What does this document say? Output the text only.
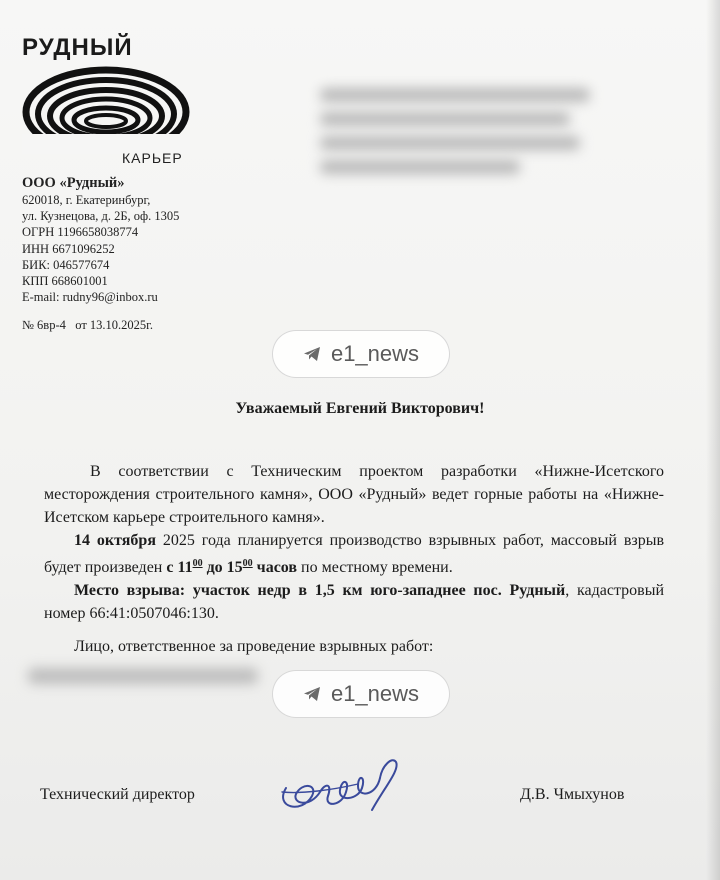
РУДНЫЙ
КАРЬЕР
ООО «Рудный»
620018, г. Екатеринбург,
ул. Кузнецова, д. 2Б, оф. 1305
ОГРН 1196658038774
ИНН 6671096252
БИК: 046577674
КПП 668601001
E-mail: rudny96@inbox.ru
№ 6вр-4 от 13.10.2025г.
e1_news
Уважаемый Евгений Викторович!

В соответствии с Техническим проектом разработки «Нижне-Исетского месторождения строительного камня», ООО «Рудный» ведет горные работы на «Нижне-Исетском карьере строительного камня».

14 октября 2025 года планируется производство взрывных работ, массовый взрыв будет произведен с $11^{00}$ до $15^{00}$ часов по местному времени.

Место взрыва: участок недр в 1,5 км юго-западнее пос. Рудный, кадастровый номер 66:41:0507046:130.

Лицо, ответственное за проведение взрывных работ:
e1_news
Технический директор	Д.В. Чмыхунов
